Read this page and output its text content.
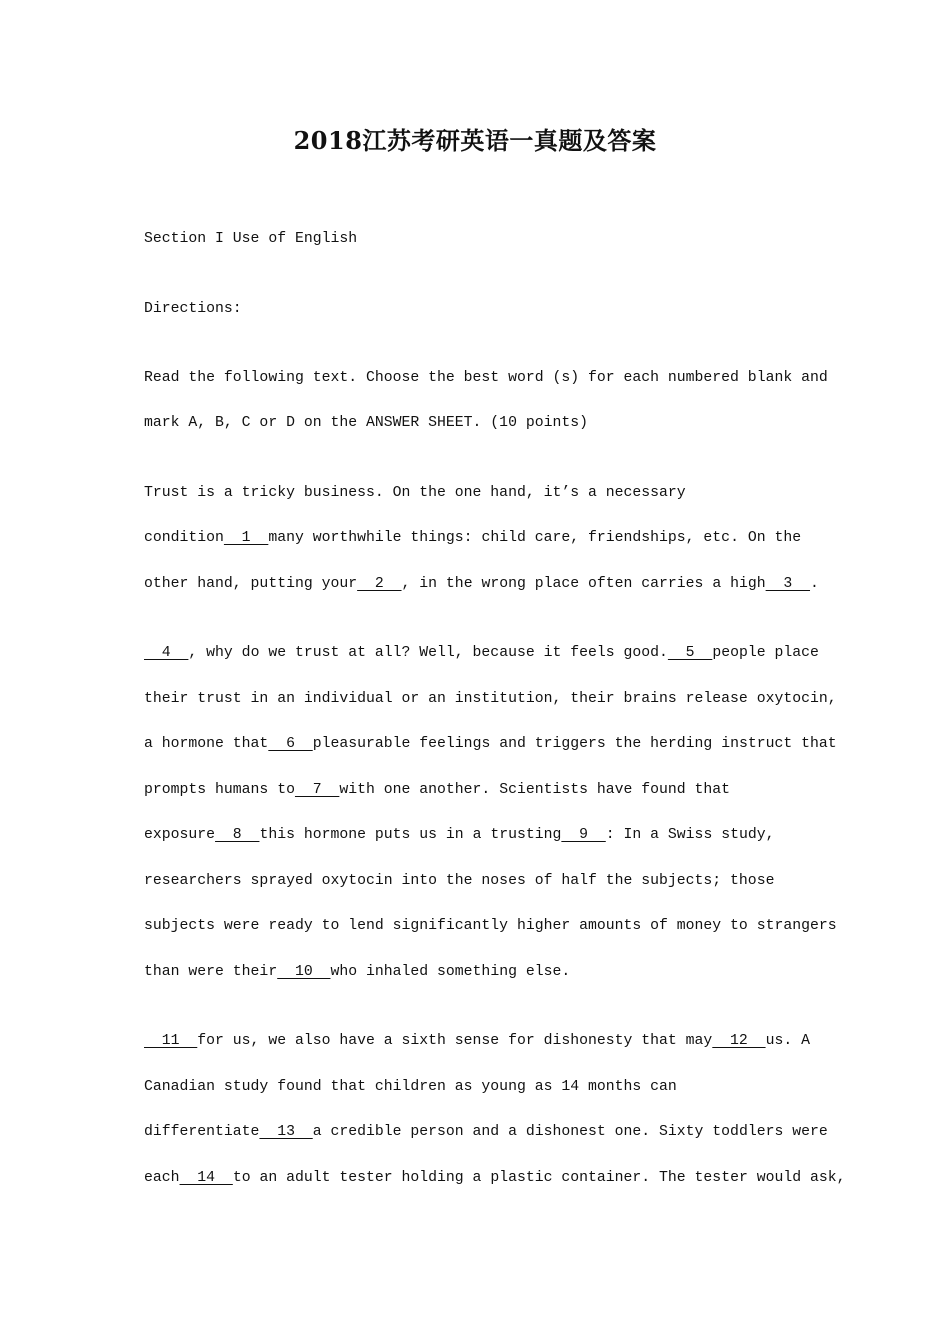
2018江苏考研英语一真题及答案

Section I Use of English

Directions:

Read the following text. Choose the best word (s) for each numbered blank and

mark A, B, C or D on the ANSWER SHEET. (10 points)

Trust is a tricky business. On the one hand, it’s a necessary

condition  1  many worthwhile things: child care, friendships, etc. On the

other hand, putting your  2  , in the wrong place often carries a high  3  .

4  , why do we trust at all? Well, because it feels good.  5  people place

their trust in an individual or an institution, their brains release oxytocin,

a hormone that  6  pleasurable feelings and triggers the herding instruct that

prompts humans to  7  with one another. Scientists have found that

exposure  8  this hormone puts us in a trusting  9  : In a Swiss study,

researchers sprayed oxytocin into the noses of half the subjects; those

subjects were ready to lend significantly higher amounts of money to strangers

than were their  10  who inhaled something else.

11  for us, we also have a sixth sense for dishonesty that may  12  us. A

Canadian study found that children as young as 14 months can

differentiate  13  a credible person and a dishonest one. Sixty toddlers were

each  14  to an adult tester holding a plastic container. The tester would ask,
